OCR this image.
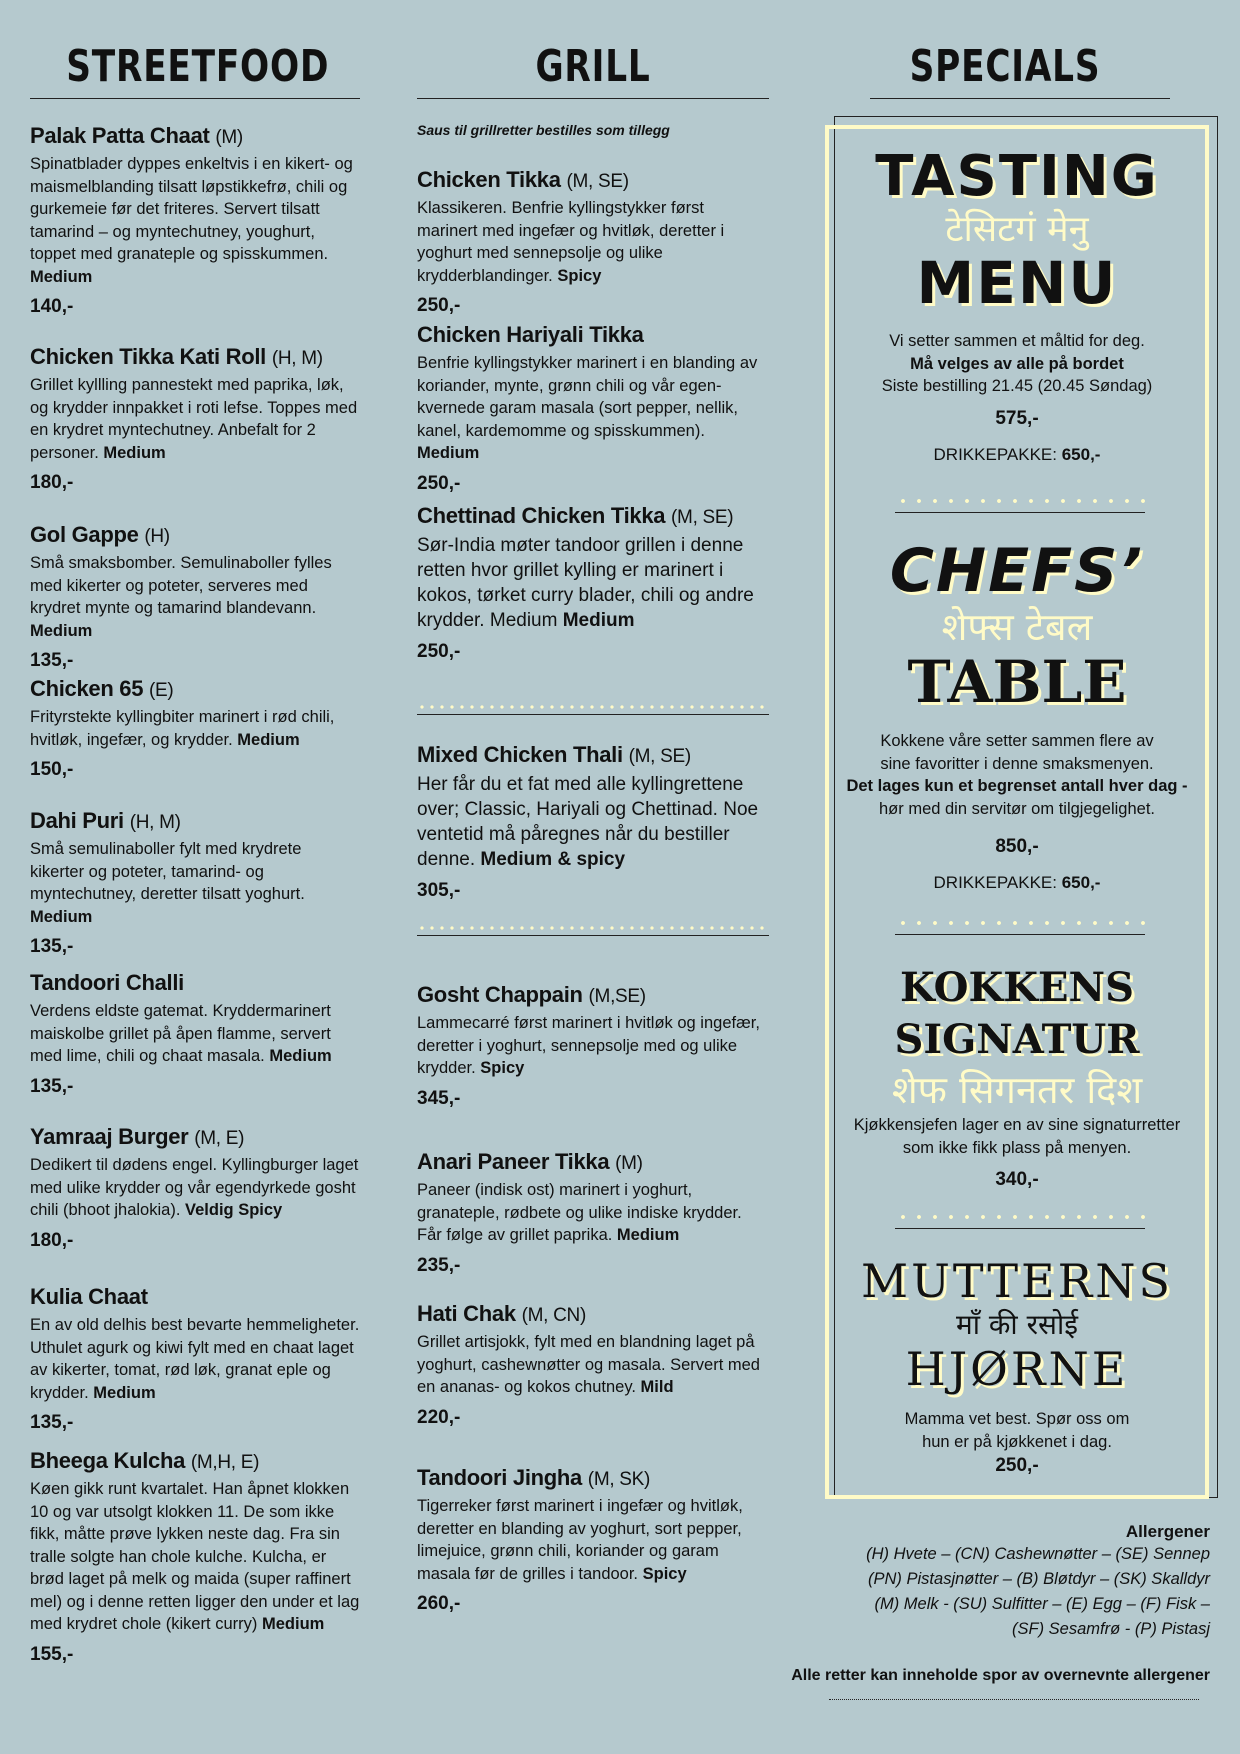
STREETFOOD
Palak Patta Chaat (M)
Spinatblader dyppes enkeltvis i en kikert- og maismelblanding tilsatt løpstikkefrø, chili og gurkemeie før det friteres. Servert tilsatt tamarind – og myntechutney, youghurt, toppet med granateple og spisskummen. Medium
140,-
Chicken Tikka Kati Roll (H, M)
Grillet kyllling pannestekt med paprika, løk, og krydder innpakket i roti lefse. Toppes med en krydret myntechutney. Anbefalt for 2 personer. Medium
180,-
Gol Gappe (H)
Små smaksbomber. Semulinaboller fylles med kikerter og poteter, serveres med krydret mynte og tamarind blandevann. Medium
135,-
Chicken 65 (E)
Frityrstekte kyllingbiter marinert i rød chili, hvitløk, ingefær, og krydder. Medium
150,-
Dahi Puri (H, M)
Små semulinaboller fylt med krydrete kikerter og poteter, tamarind- og myntechutney, deretter tilsatt yoghurt. Medium
135,-
Tandoori Challi
Verdens eldste gatemat. Kryddermarinert maiskolbe grillet på åpen flamme, servert med lime, chili og chaat masala. Medium
135,-
Yamraaj Burger (M, E)
Dedikert til dødens engel. Kyllingburger laget med ulike krydder og vår egendyrkede gosht chili (bhoot jhalokia). Veldig Spicy
180,-
Kulia Chaat
En av old delhis best bevarte hemmeligheter. Uthulet agurk og kiwi fylt med en chaat laget av kikerter, tomat, rød løk, granat eple og krydder. Medium
135,-
Bheega Kulcha (M,H, E)
Køen gikk runt kvartalet. Han åpnet klokken 10 og var utsolgt klokken 11. De som ikke fikk, måtte prøve lykken neste dag. Fra sin tralle solgte han chole kulche. Kulcha, er brød laget på melk og maida (super raffinert mel) og i denne retten ligger den under et lag med krydret chole (kikert curry) Medium
155,-
GRILL
Saus til grillretter bestilles som tillegg
Chicken Tikka (M, SE)
Klassikeren. Benfrie kyllingstykker først marinert med ingefær og hvitløk, deretter i yoghurt med sennepsolje og ulike krydderblandinger. Spicy
250,-
Chicken Hariyali Tikka
Benfrie kyllingstykker marinert i en blanding av koriander, mynte, grønn chili og vår egen-kvernede garam masala (sort pepper, nellik, kanel, kardemomme og spisskummen). Medium
250,-
Chettinad Chicken Tikka (M, SE)
Sør-India møter tandoor grillen i denne retten hvor grillet kylling er marinert i kokos, tørket curry blader, chili og andre krydder. Medium Medium
250,-
Mixed Chicken Thali (M, SE)
Her får du et fat med alle kyllingrettene over; Classic, Hariyali og Chettinad. Noe ventetid må påregnes når du bestiller denne. Medium & spicy
305,-
Gosht Chappain (M,SE)
Lammecarré først marinert i hvitløk og ingefær, deretter i yoghurt, sennepsolje med og ulike krydder. Spicy
345,-
Anari Paneer Tikka (M)
Paneer (indisk ost) marinert i yoghurt, granateple, rødbete og ulike indiske krydder. Får følge av grillet paprika. Medium
235,-
Hati Chak (M, CN)
Grillet artisjokk, fylt med en blandning laget på yoghurt, cashewnøtter og masala. Servert med en ananas- og kokos chutney. Mild
220,-
Tandoori Jingha (M, SK)
Tigerreker først marinert i ingefær og hvitløk, deretter en blanding av yoghurt, sort pepper, limejuice, grønn chili, koriander og garam masala før de grilles i tandoor. Spicy
260,-
SPECIALS
TASTING
टेसिटगं मेनु
MENU
Vi setter sammen et måltid for deg.
Må velges av alle på bordet
Siste bestilling 21.45 (20.45 Søndag)
575,-
DRIKKEPAKKE: 650,-
CHEFS’
शेफ्स टेबल
TABLE
Kokkene våre setter sammen flere av sine favoritter i denne smaksmenyen.
Det lages kun et begrenset antall hver dag -
hør med din servitør om tilgjegelighet.
850,-
DRIKKEPAKKE: 650,-
KOKKENS
SIGNATUR
शेफ सिगनतर दिश
Kjøkkensjefen lager en av sine signaturretter
som ikke fikk plass på menyen.
340,-
MUTTERNS
माँ की रसोई
HJØRNE
Mamma vet best. Spør oss om
hun er på kjøkkenet i dag.
250,-
Allergener
(H) Hvete – (CN) Cashewnøtter – (SE) Sennep
(PN) Pistasjnøtter – (B) Bløtdyr – (SK) Skalldyr
(M) Melk - (SU) Sulfitter – (E) Egg – (F) Fisk –
(SF) Sesamfrø - (P) Pistasj
Alle retter kan inneholde spor av overnevnte allergener
